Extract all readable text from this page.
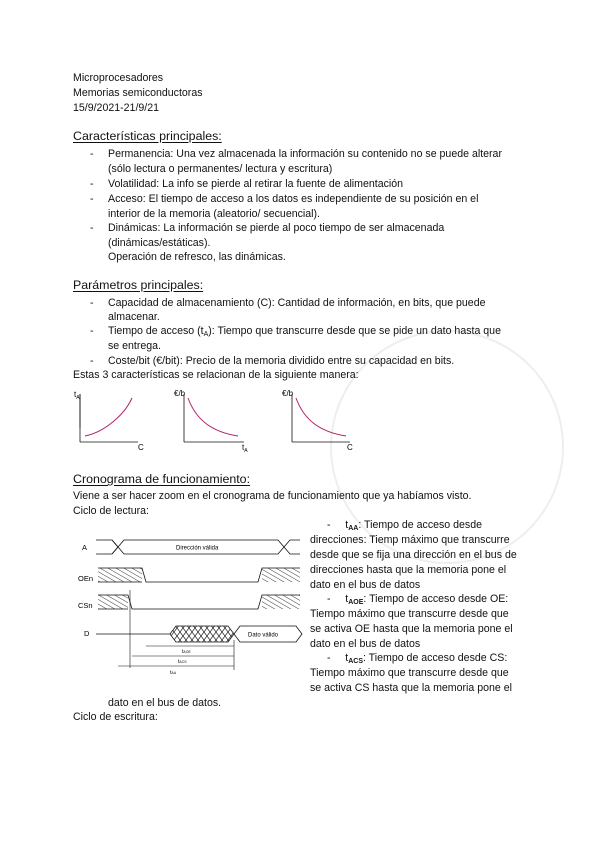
Microprocesadores
Memorias semiconductoras
15/9/2021-21/9/21
Características principales:
- Permanencia: Una vez almacenada la información su contenido no se puede alterar
(sólo lectura o permanentes/ lectura y escritura)
- Volatilidad: La info se pierde al retirar la fuente de alimentación
- Acceso: El tiempo de acceso a los datos es independiente de su posición en el
interior de la memoria (aleatorio/ secuencial).
- Dinámicas: La información se pierde al poco tiempo de ser almacenada
(dinámicas/estáticas).
Operación de refresco, las dinámicas.
Parámetros principales:
- Capacidad de almacenamiento (C): Cantidad de información, en bits, que puede
almacenar.
- Tiempo de acceso $(t_A)$: Tiempo que transcurre desde que se pide un dato hasta que
se entrega.
- Coste/bit (€/bit): Precio de la memoria dividido entre su capacidad en bits.
Estas 3 características se relacionan de la siguiente manera:
$t_A$
C
€/b
$t_A$
€/b
C
Cronograma de funcionamiento:
Viene a ser hacer zoom en el cronograma de funcionamiento que ya habíamos visto.
Ciclo de lectura:
A
OEn
CSn
D
Dirección válida
Dato válido
tAOE
tACS
tAA
-     $t_{AA}$: Tiempo de acceso desde
direcciones: Tiemp máximo que transcurre
desde que se fija una dirección en el bus de
direcciones hasta que la memoria pone el
dato en el bus de datos
-     $t_{AOE}$: Tiempo de acceso desde OE:
Tiempo máximo que transcurre desde que
se activa OE hasta que la memoria pone el
dato en el bus de datos
-     $t_{ACS}$: Tiempo de acceso desde CS:
Tiempo máximo que transcurre desde que
se activa CS hasta que la memoria pone el
dato en el bus de datos.
Ciclo de escritura:
